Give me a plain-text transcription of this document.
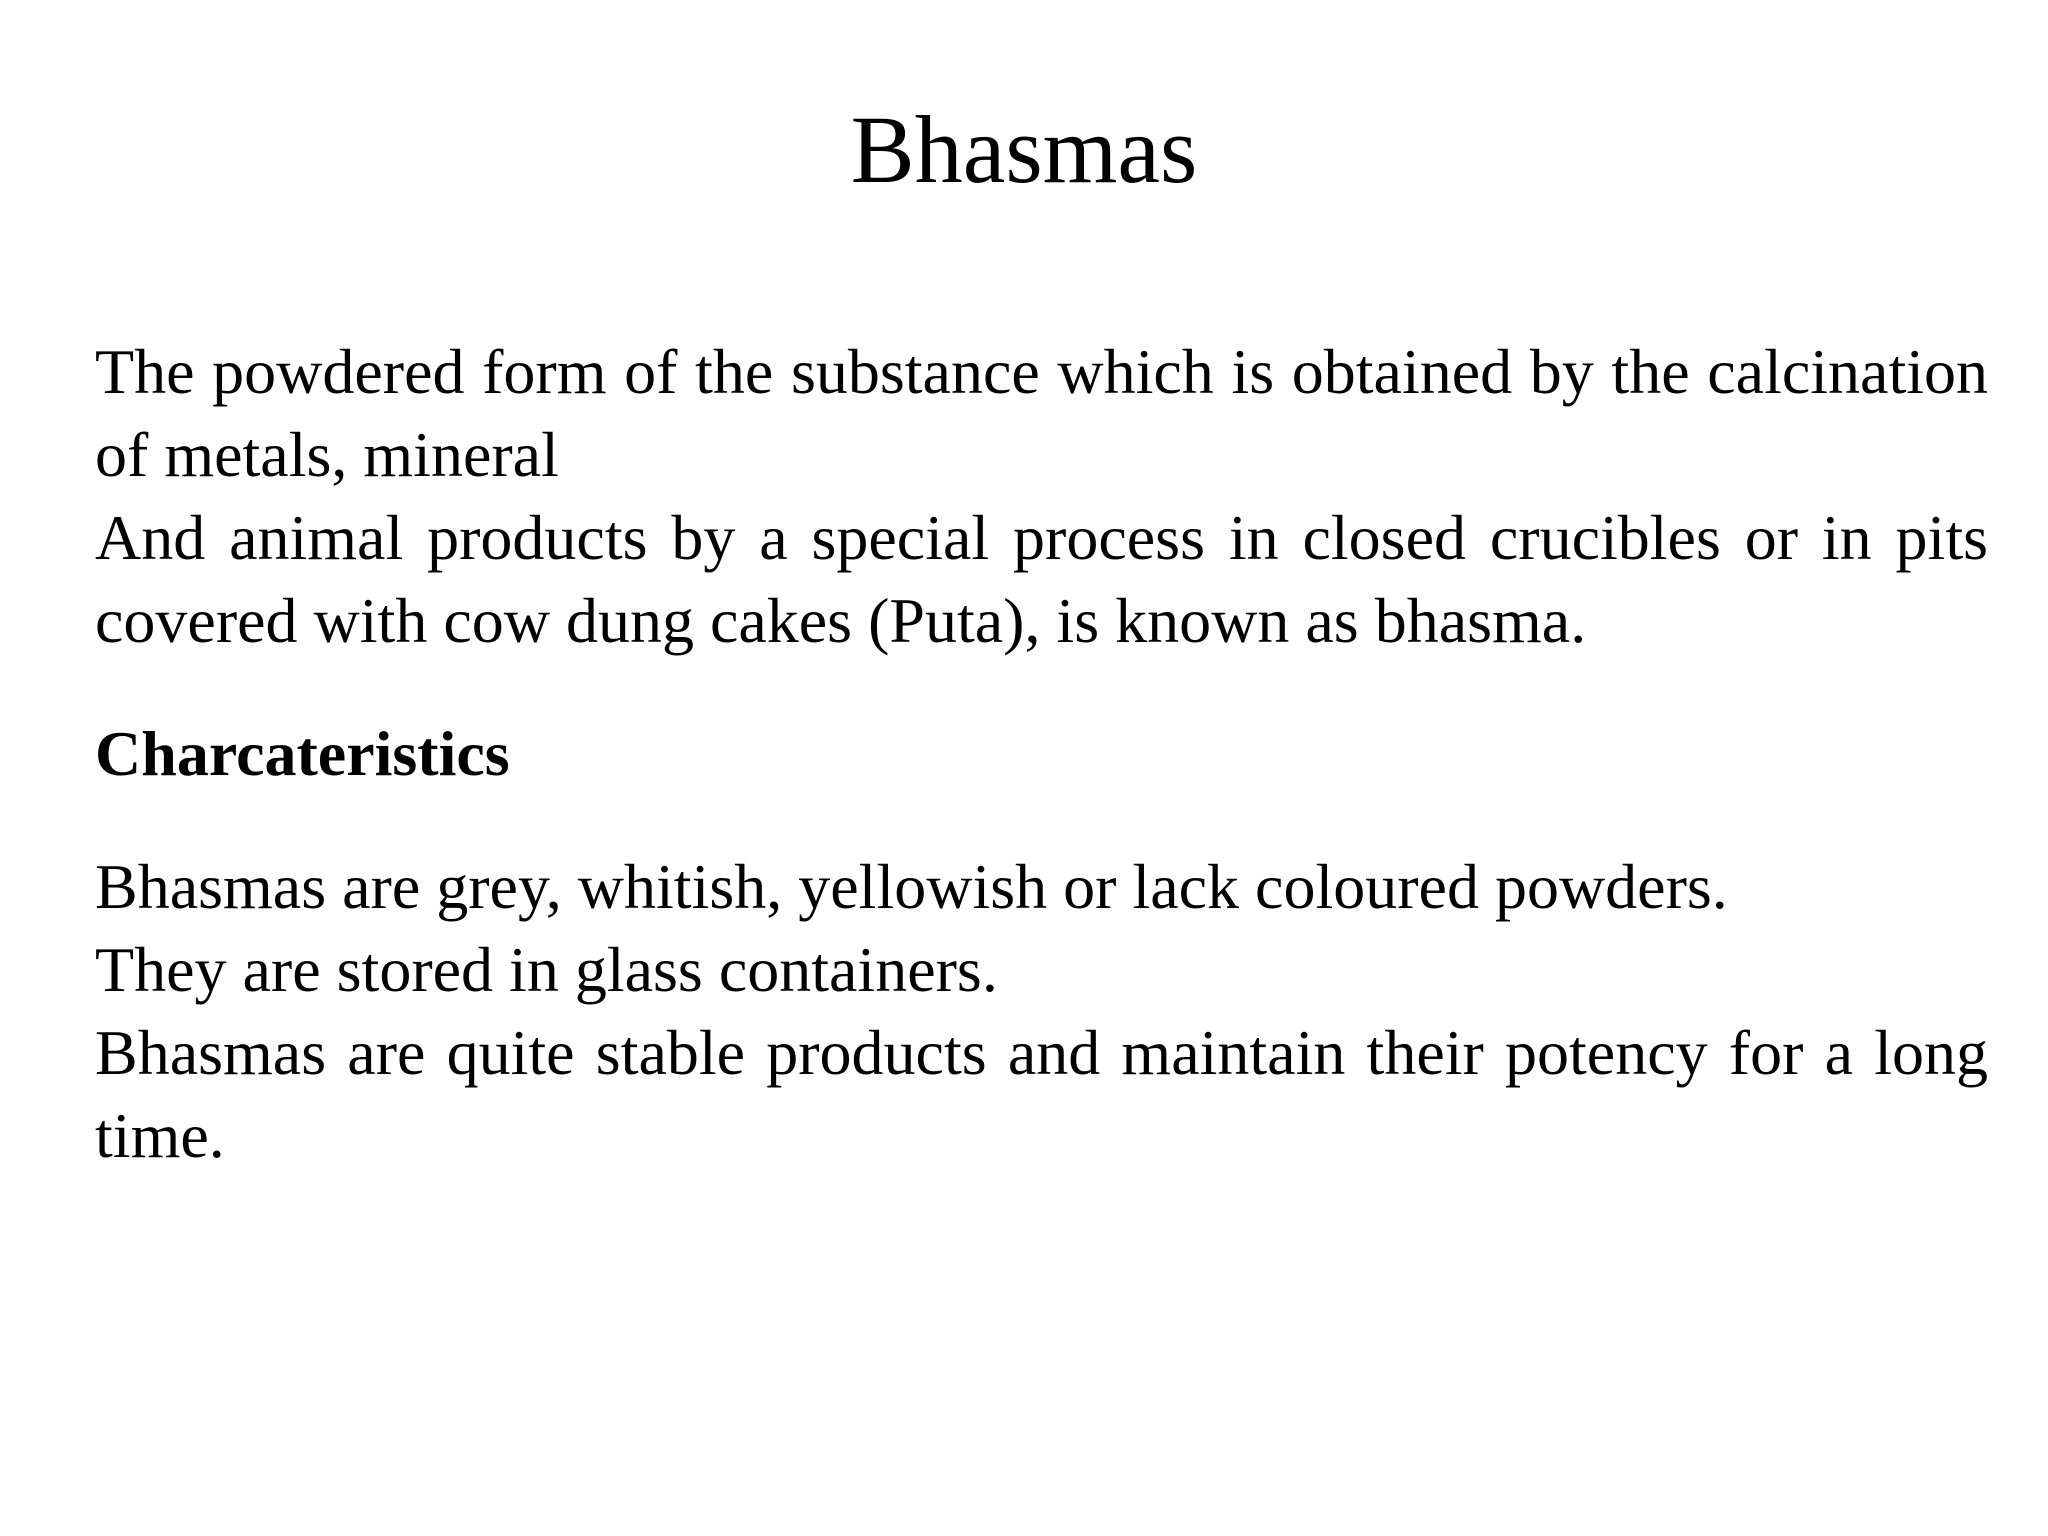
Bhasmas

The powdered form of the substance which is obtained by the calcination of metals, mineral

And animal products by a special process in closed crucibles or in pits covered with cow dung cakes (Puta), is known as bhasma.

Charcateristics

Bhasmas are grey, whitish, yellowish or lack coloured powders.

They are stored in glass containers.

Bhasmas are quite stable products and maintain their potency for a long time.
